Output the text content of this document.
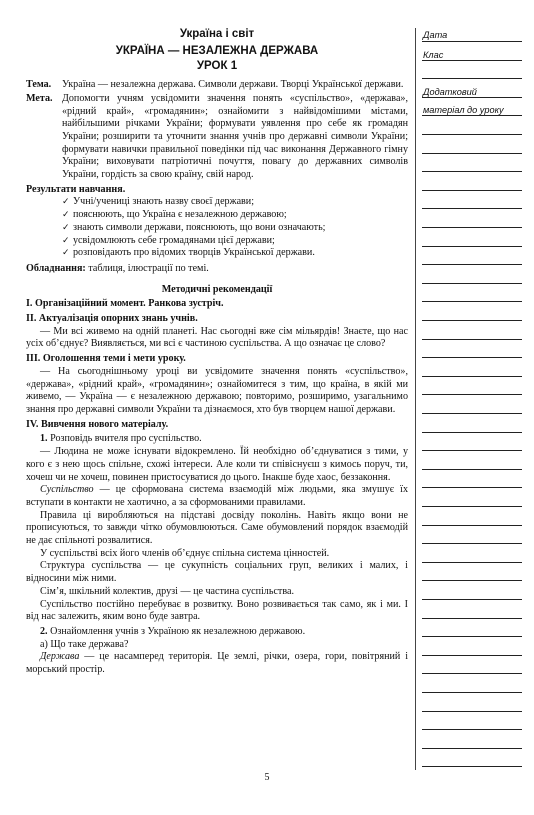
Україна і світ
УКРАЇНА — НЕЗАЛЕЖНА ДЕРЖАВА
УРОК 1
Тема.	Україна — незалежна держава. Символи держави. Творці Української держави.
Мета. Допомогти учням усвідомити значення понять «суспільство», «держава», «рідний край», «громадянин»; ознайомити з найвідомішими містами, найбільшими річками України; формувати уявлення про себе як громадян України; розширити та уточнити знання учнів про державні символи України; формувати навички правильної поведінки під час виконання Державного гімну України; виховувати патріотичні почуття, повагу до державних символів України, гордість за свою країну, свій народ.
Результати навчання.
✓ Учні/учениці знають назву своєї держави;
✓ пояснюють, що Україна є незалежною державою;
✓ знають символи держави, пояснюють, що вони означають;
✓ усвідомлюють себе громадянами цієї держави;
✓ розповідають про відомих творців Української держави.
Обладнання: таблиця, ілюстрації по темі.
Методичні рекомендації
I. Організаційний момент. Ранкова зустріч.
II. Актуалізація опорних знань учнів.

— Ми всі живемо на одній планеті. Нас сьогодні вже сім мільярдів! Знаєте, що нас усіх об’єднує? Виявляється, ми всі є частиною суспільства. А що означає це слово?

III. Оголошення теми і мети уроку.

— На сьогоднішньому уроці ви усвідомите значення понять «суспільство», «держава», «рідний край», «громадянин»; ознайомитеся з тим, що країна, в якій ми живемо, — Україна — є незалежною державою; повторимо, розширимо, узагальнимо знання про державні символи України та дізнаємося, хто був творцем нашої держави.

IV. Вивчення нового матеріалу.
1. Розповідь вчителя про суспільство.

— Людина не може існувати відокремлено. Їй необхідно об’єднуватися з тими, у кого є з нею щось спільне, схожі інтереси. Але коли ти співіснуєш з кимось поруч, ти, хочеш чи не хочеш, повинен пристосуватися до цього. Інакше буде хаос, беззаконня.

Суспільство — це сформована система взаємодій між людьми, яка змушує їх вступати в контакти не хаотично, а за сформованими правилами.

Правила ці виробляються на підставі досвіду поколінь. Навіть якщо вони не прописуються, то завжди чітко обумовлюються. Саме обумовлений порядок взаємодій не дає спільноті розвалитися.

У суспільстві всіх його членів об’єднує спільна система цінностей.

Структура суспільства — це сукупність соціальних груп, великих і малих, і відносини між ними.

Сім’я, шкільний колектив, друзі — це частина суспільства.

Суспільство постійно перебуває в розвитку. Воно розвивається так само, як і ми. І від нас залежить, яким воно буде завтра.

2. Ознайомлення учнів з Україною як незалежною державою.

а) Що таке держава?

Держава — це насамперед територія. Це землі, річки, озера, гори, повітряний і морський простір.

Дата
Клас
Додатковий
матеріал до уроку
5
